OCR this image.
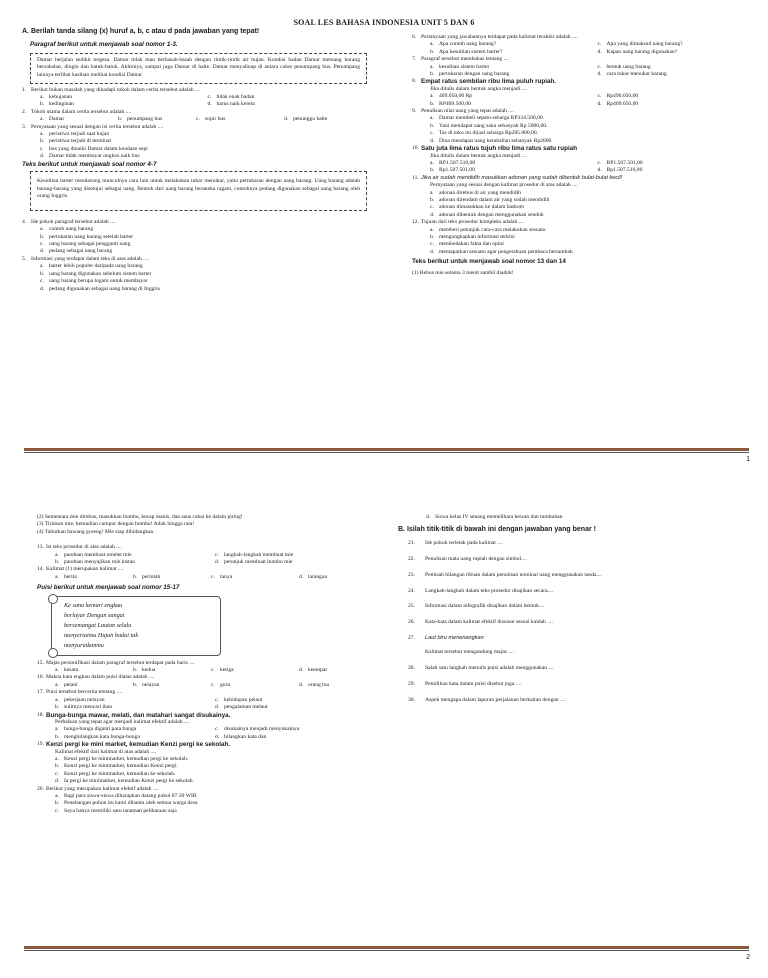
SOAL LES BAHASA INDONESIA UNIT 5 DAN 6
A. Berilah tanda silang (x) huruf a, b, c atau d pada jawaban yang tepat!
Paragraf berikut untuk menjawab soal nomor 1-3.
Damar berjalan sedikit tergesa. Damar tidak mau berbasah-basah dengan rintik-rintik air hujan. Kondisi badan Damar memang kurang bersahabat, dingin dan batuk-batuk. Akhirnya, sampai juga Damar di halte. Damar menyalinap di antara calon penumpang bus. Penumpang lainnya terlihat kasihan melihat kondisi Damar.
1. Berikut bukan masalah yang dihadapi tokoh dalam cerita tersebut adalah ....
a. kehujanan	c. tidak enak badan
b. kedinginan	d. harus naik kereta
2. Tokoh utama dalam cerita tersebut adalah ....
a. Damar	b. penumpang bus	c. sopir bus	d. penunggu halte
3. Pernyataan yang sesuai dengan isi cerita tersebut adalah ....
a. peristiwa terjadi saat hujan
b. peristiwa terjadi di terminal
c. bus yang dinaiki Damar dalam keadaan sepi
d. Damar tidak membayar ongkos naik bus
Teks berikut untuk menjawab soal nomor 4-7
Kesulitan barter mendorong munculnya cara lain untuk melakukan tukar menukar, yaitu pertukaran dengan uang barang. Uang barang adalah barang-barang yang disetujui sebagai uang. Bentuk dari uang barang beraneka ragam, contohnya pedang digunakan sebagai uang barang oleh orang Inggris.
4. Ide pokok paragraf tersebut adalah ....
a. contoh uang barang
b. pertukaran uang barang setelah barter
c. uang barang sebagai pengganti uang
d. pedang sebagai uang barang
5. Informasi yang terdapat dalam teks di atas adalah ....
a. barter lebih populer daripada uang barang
b. uang barang digunakan sebelum sistem barter
c. uang barang berupa logam untuk membayar
d. pedang digunakan sebagai uang barang di Inggris
6. Pertanyaan yang jawabannya terdapat pada kalimat terakhir adalah ....
a. Apa contoh uang barang?	c. Apa yang dimaksud uang barang?
b. Apa kesulitan sistem barter?	d. Kapan uang barang digunakan?
7. Paragraf tersebut membahas tentang ....
a. kesulitan sistem barter	c. bentuk uang barang
b. pertukaran dengan uang barang	d. cara tukar-menukar barang
8. Empat ratus sembilan ribu lima puluh rupiah.
Jika ditulis dalam bentuk angka menjadi ....
a. 409.050,00 Rp	c. Rp490.050,00
b. RP409.500,00	d. Rp409.050,00
9. Penulisan nilai uang yang tepat adalah ....
a. Damar membeli sepatu seharga RP334.500,00.
b. Yani mendapat uang saku sebanyak Rp 5000,00.
c. Tas di toko itu dijual seharga Rp285.800,00.
d. Dina mendapat uang kembalian sebanyak Rp2000.
10. Satu juta lima ratus tujuh ribu lima ratus satu rupiah
Jika ditulis dalam bentuk angka menjadi ....
a. RP1.507.510,00	c. RP1.507.501,00
b. Rp1.507.501,00	d. Rp1.507.510,00
11. Jika air sudah mendidih masukkan adonan yang sudah dibentuk bulat-bulat kecil!
Pernyataan yang sesuai dengan kalimat prosedur di atas adalah ....
a. adonan direbus di air yang mendidih
b. adonan direndam dalam air yang sudah mendidih
c. adonan dimasukkan ke dalam baskom
d. adonan dibentuk dengan menggunakan sendok
12. Tujuan dari teks prosedur kompleks adalah ....
a. memberi petunjuk cara-cara melakukan sesuatu
b. mengungkapkan informasi terkini
c. membedakan fakta dan opini
d. memaparkan sesuatu agar pengetahuan pembaca bertambah
Teks berikut untuk menjawab soal nomor 13 dan 14
(1) Rebus mie selama 3 menit sambil diaduk!
1
(2) Sementara mie direbus, masukkan bumbu, kecap manis, dan saus cabai ke dalam piring!
(3) Tiriskan mie, kemudian campur dengan bumbu! Aduk hingga rata!
(4) Taburkan bawang goreng! Mie siap dihidangkan.
13. Isi teks prosedur di atas adalah ....
a. panduan membuat omelet mie	c. langkah-langkah membuat mie
b. panduan menyajikan mie instan	d. petunjuk membuat bumbu mie
14. Kalimat (1) merupakan kalimat ....
a. berita	b. perintah	c. tanya	d. larangan
Puisi berikut untuk menjawab soal nomor 15-17
Ke sana kemari engkau
berlayar Dengan sangat
bersemangat Lautan selalu
menyertaimu Hujan badai tak
menyurutkanmu
15. Majas personifikasi dalam paragraf tersebut terdapat pada baris ....
a. kesatu	b. kedua	c. ketiga	d. keempat
16. Makna kata engkau dalam puisi diatas adalah ....
a. petani	b. nelayan	c. guru	d. orang tua
17. Puisi tersebut bercerita tentang ....
a. pekerjaan nelayan	c. kehidupan pelaut
b. sulitnya mencari ikan	d. pengalaman melaut
18. Bunga-bunga mawar, melati, dan matahari sangat disukainya.
Perbaikan yang tepat agar menjadi kalimat efektif adalah ....
a. bunga-bunga diganti para bunga	c. disukainya menjadi menyukainya
b. menghilangkan kata bunga-bunga	d. hilangkan kata dan
19. Kenzi pergi ke mini market, kemudian Kenzi pergi ke sekolah.
Kalimat efektif dari kalimat di atas adalah ....
a. Kenzi pergi ke minimarket, kemudian pergi ke sekolah.
b. Kenzi pergi ke minimarket, kemudian Kenzi pergi.
c. Kenzi pergi ke minimarket, kemudian ke sekolah.
d. Ia pergi ke minimarket, kemudian Kenzi pergi ke sekolah.
20. Berikut yang merupakan kalimat efektif adalah ....
a. Bagi para siswa-siswa diharapkan datang pukul 07.30 WIB
b. Penebangan pohon itu kami dibantu oleh semua warga desa
c. Saya hanya memiliki satu tanaman peliharaan saja
d. Siswa kelas IV senang memelihara hewan dan tumbuhan
B. Isilah titik-titik di bawah ini dengan jawaban yang benar !
21.	Ide pokok terletak pada kalimat ....
22.	Penulisan mata uang rupiah dengan simbol....
23.	Pemisah bilangan ribuan dalam penulisan nominal uang menggunakan tanda....
24.	Langkah-langkah dalam teks prosedur disajikan secara....
25.	Informasi dalam infografik disajikan dalam bentuk....
26.	Kata-kata dalam kalimat efektif disusun sesuai kaidah ....
27.	Laut biru menenangkan
Kalimat tersebut mengandung majas ....
28.	Salah satu langkah menulis puisi adalah menggunakan ....
29.	Pemilihan kata dalam puisi disebut juga ....
30.	Aspek mengapa dalam laporan perjalanan berkaitan dengan ....
2
